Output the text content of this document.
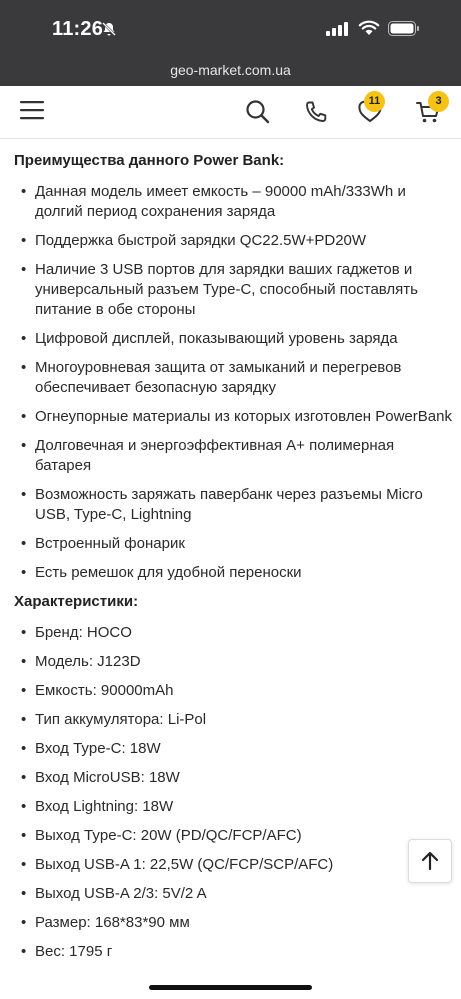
11:26
geo-market.com.ua
11	3

Преимущества данного Power Bank:

• Данная модель имеет емкость – 90000 mAh/333Wh и долгий период сохранения заряда
• Поддержка быстрой зарядки QC22.5W+PD20W
• Наличие 3 USB портов для зарядки ваших гаджетов и универсальный разъем Type-C, способный поставлять питание в обе стороны
• Цифровой дисплей, показывающий уровень заряда
• Многоуровневая защита от замыканий и перегревов обеспечивает безопасную зарядку
• Огнеупорные материалы из которых изготовлен PowerBank
• Долговечная и энергоэффективная А+ полимерная батарея
• Возможность заряжать павербанк через разъемы Micro USB, Type-C, Lightning
• Встроенный фонарик
• Есть ремешок для удобной переноски

Характеристики:

• Бренд: HOCO
• Модель: J123D
• Емкость: 90000mAh
• Тип аккумулятора: Li-Pol
• Вход Type-C: 18W
• Вход MicroUSB: 18W
• Вход Lightning: 18W
• Выход Type-C: 20W (PD/QC/FCP/AFC)
• Выход USB-A 1: 22,5W (QC/FCP/SCP/AFC)
• Выход USB-A 2/3: 5V/2 A
• Размер: 168*83*90 мм
• Вес: 1795 г
